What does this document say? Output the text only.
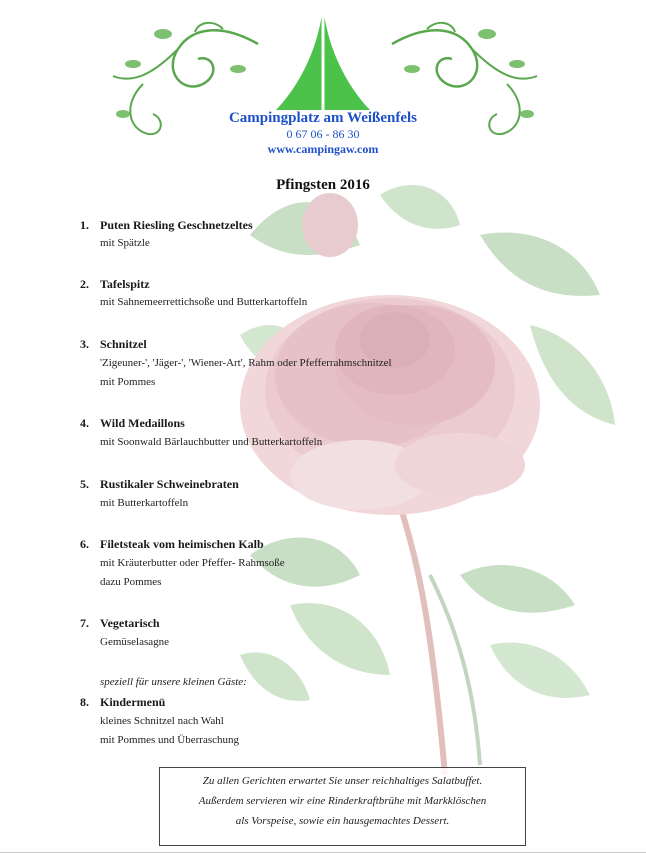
Campingplatz am Weißenfels
0 67 06 - 86 30
www.campingaw.com
Pfingsten 2016
1. Puten Riesling Geschnetzeltes
mit Spätzle
2. Tafelspitz
mit Sahnemeerrettichsoße und Butterkartoffeln
3. Schnitzel
'Zigeuner-', 'Jäger-', 'Wiener-Art', Rahm oder Pfefferrahmschnitzel
mit Pommes
4. Wild Medaillons
mit Soonwald Bärlauchbutter und Butterkartoffeln
5. Rustikaler Schweinebraten
mit Butterkartoffeln
6. Filetsteak vom heimischen Kalb
mit Kräuterbutter oder Pfeffer- Rahmsoße
dazu Pommes
7. Vegetarisch
Gemüselasagne
8. Kindermenü
kleines Schnitzel nach Wahl
mit Pommes und Überraschung
speziell für unsere kleinen Gäste:

Zu allen Gerichten erwartet Sie unser reichhaltiges Salatbuffet.

Außerdem servieren wir eine Rinderkraftbrühe mit Markklöschen

als Vorspeise, sowie ein hausgemachtes Dessert.
